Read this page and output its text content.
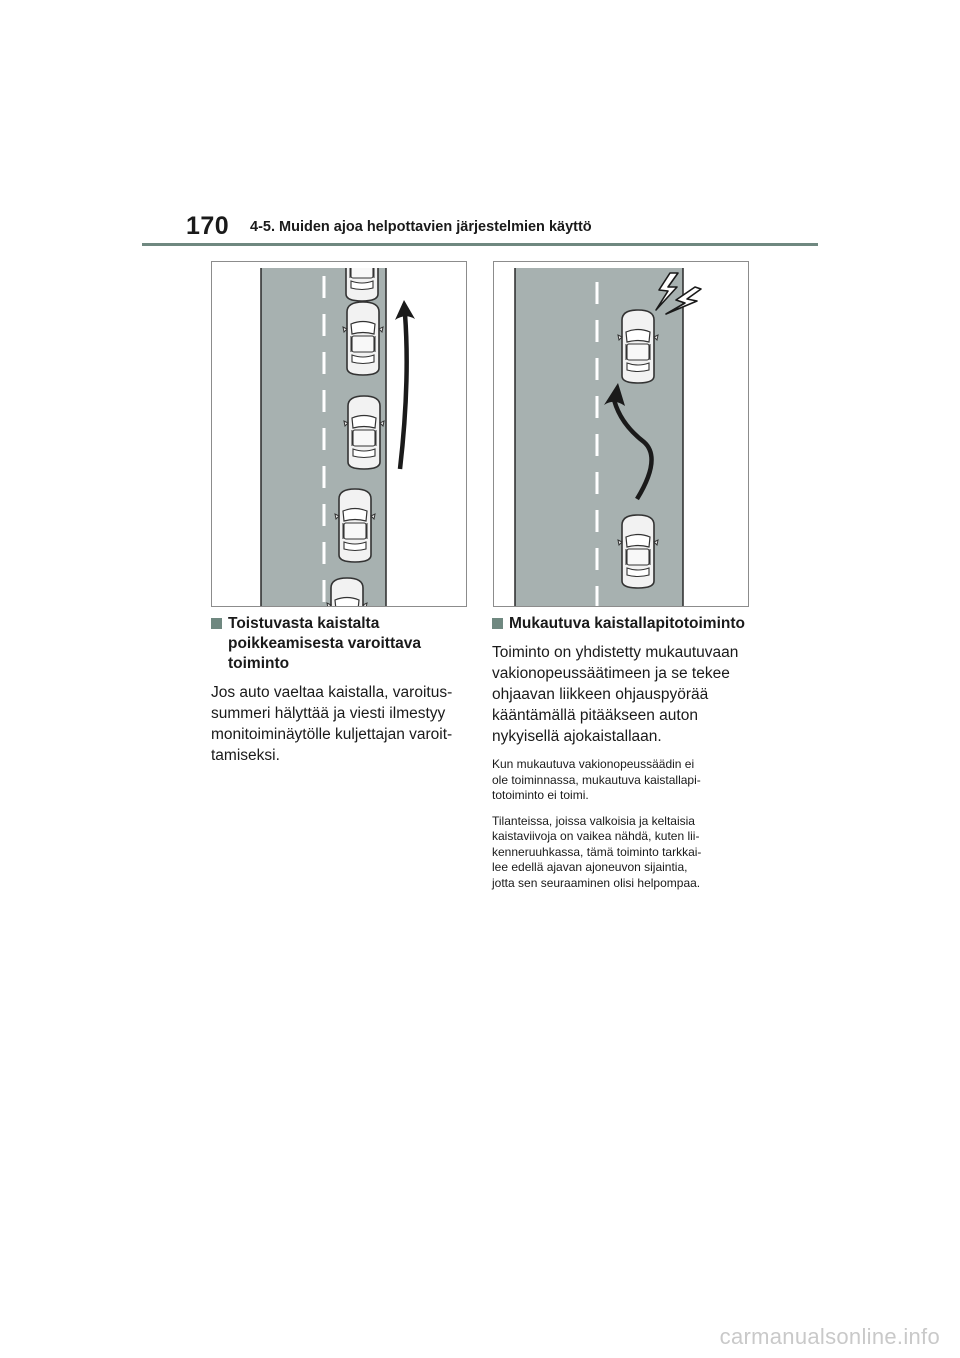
170 4-5. Muiden ajoa helpottavien järjestelmien käyttö
Toistuvasta kaistalta poikkeamisesta varoittava toiminto

Jos auto vaeltaa kaistalla, varoitus-
summeri hälyttää ja viesti ilmestyy
monitoiminäytölle kuljettajan varoit-
tamiseksi.

Mukautuva kaistallapitotoiminto

Toiminto on yhdistetty mukautuvaan
vakionopeussäätimeen ja se tekee
ohjaavan liikkeen ohjauspyörää
kääntämällä pitääkseen auton
nykyisellä ajokaistallaan.

Kun mukautuva vakionopeussäädin ei
ole toiminnassa, mukautuva kaistallapi-
totoiminto ei toimi.

Tilanteissa, joissa valkoisia ja keltaisia
kaistaviivoja on vaikea nähdä, kuten lii-
kenneruuhkassa, tämä toiminto tarkkai-
lee edellä ajavan ajoneuvon sijaintia,
jotta sen seuraaminen olisi helpompaa.

carmanualsonline.info
